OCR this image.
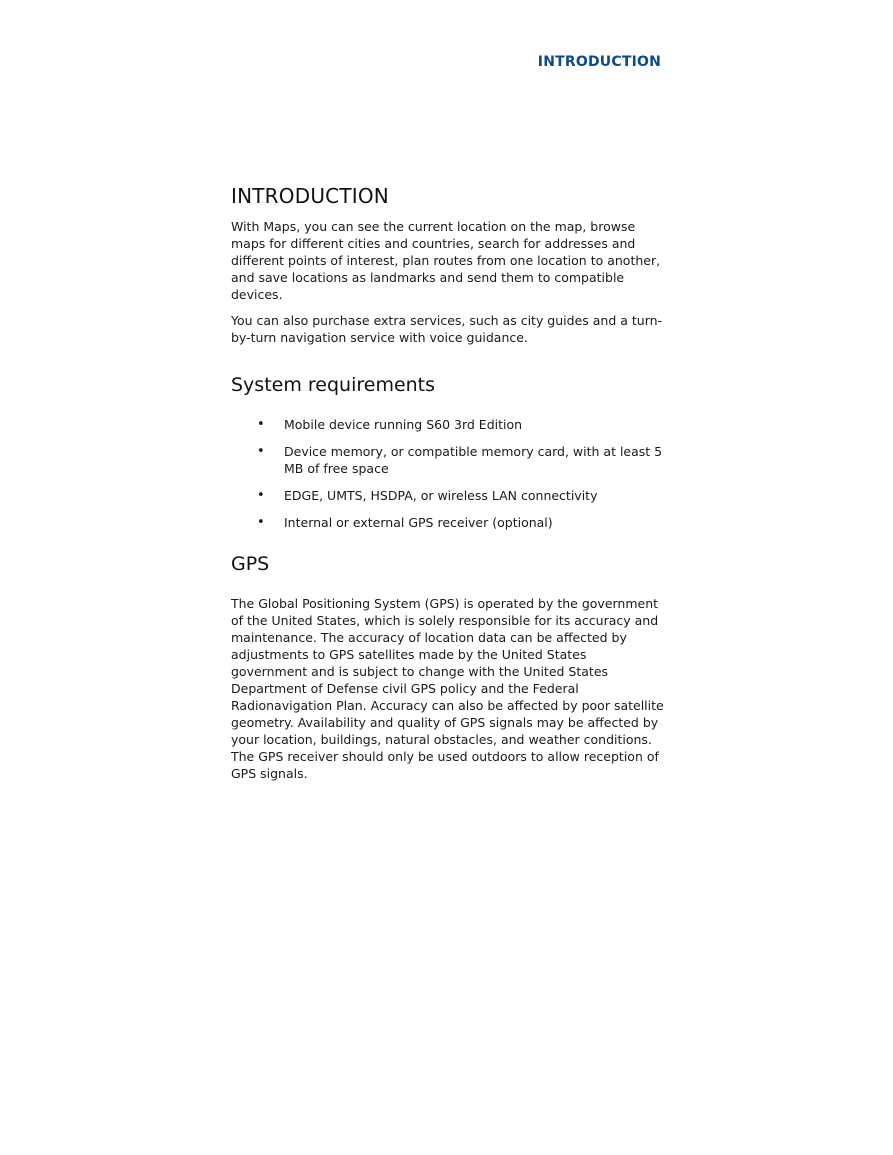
INTRODUCTION
INTRODUCTION

With Maps, you can see the current location on the map, browse maps for different cities and countries, search for addresses and different points of interest, plan routes from one location to another, and save locations as landmarks and send them to compatible devices.

You can also purchase extra services, such as city guides and a turn-by-turn navigation service with voice guidance.

System requirements
• Mobile device running S60 3rd Edition
• Device memory, or compatible memory card, with at least 5 MB of free space
• EDGE, UMTS, HSDPA, or wireless LAN connectivity
• Internal or external GPS receiver (optional)
GPS

The Global Positioning System (GPS) is operated by the government of the United States, which is solely responsible for its accuracy and maintenance. The accuracy of location data can be affected by adjustments to GPS satellites made by the United States government and is subject to change with the United States Department of Defense civil GPS policy and the Federal Radionavigation Plan. Accuracy can also be affected by poor satellite geometry. Availability and quality of GPS signals may be affected by your location, buildings, natural obstacles, and weather conditions. The GPS receiver should only be used outdoors to allow reception of GPS signals.
